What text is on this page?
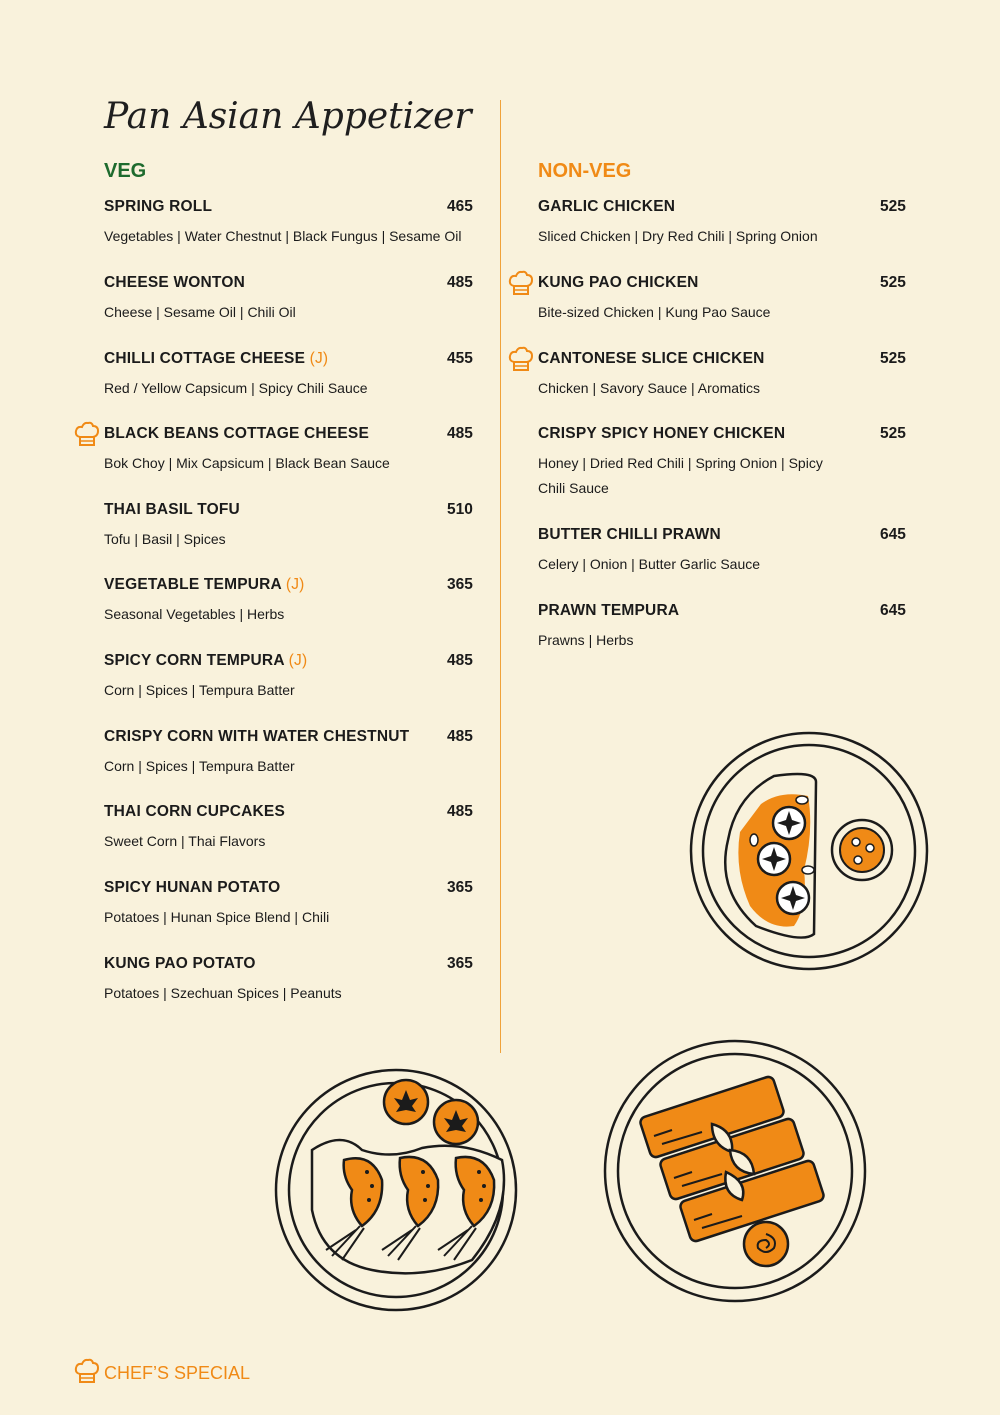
Pan Asian Appetizer
VEG	NON-VEG
SPRING ROLL	465
Vegetables | Water Chestnut | Black Fungus | Sesame Oil
CHEESE WONTON	485
Cheese | Sesame Oil | Chili Oil
CHILLI COTTAGE CHEESE (J)	455
Red / Yellow Capsicum | Spicy Chili Sauce
BLACK BEANS COTTAGE CHEESE	485
Bok Choy | Mix Capsicum | Black Bean Sauce
THAI BASIL TOFU	510
Tofu | Basil | Spices
VEGETABLE TEMPURA (J)	365
Seasonal Vegetables | Herbs
SPICY CORN TEMPURA (J)	485
Corn | Spices | Tempura Batter
CRISPY CORN WITH WATER CHESTNUT 485
Corn | Spices | Tempura Batter
THAI CORN CUPCAKES	485
Sweet Corn | Thai Flavors
SPICY HUNAN POTATO	365
Potatoes | Hunan Spice Blend | Chili
KUNG PAO POTATO	365
Potatoes | Szechuan Spices | Peanuts
GARLIC CHICKEN	525
Sliced Chicken | Dry Red Chili | Spring Onion
KUNG PAO CHICKEN	525
Bite-sized Chicken | Kung Pao Sauce
CANTONESE SLICE CHICKEN	525
Chicken | Savory Sauce | Aromatics
CRISPY SPICY HONEY CHICKEN	525
Honey | Dried Red Chili | Spring Onion | Spicy Chili Sauce
BUTTER CHILLI PRAWN	645
Celery | Onion | Butter Garlic Sauce
PRAWN TEMPURA	645
Prawns | Herbs
CHEF’S SPECIAL
